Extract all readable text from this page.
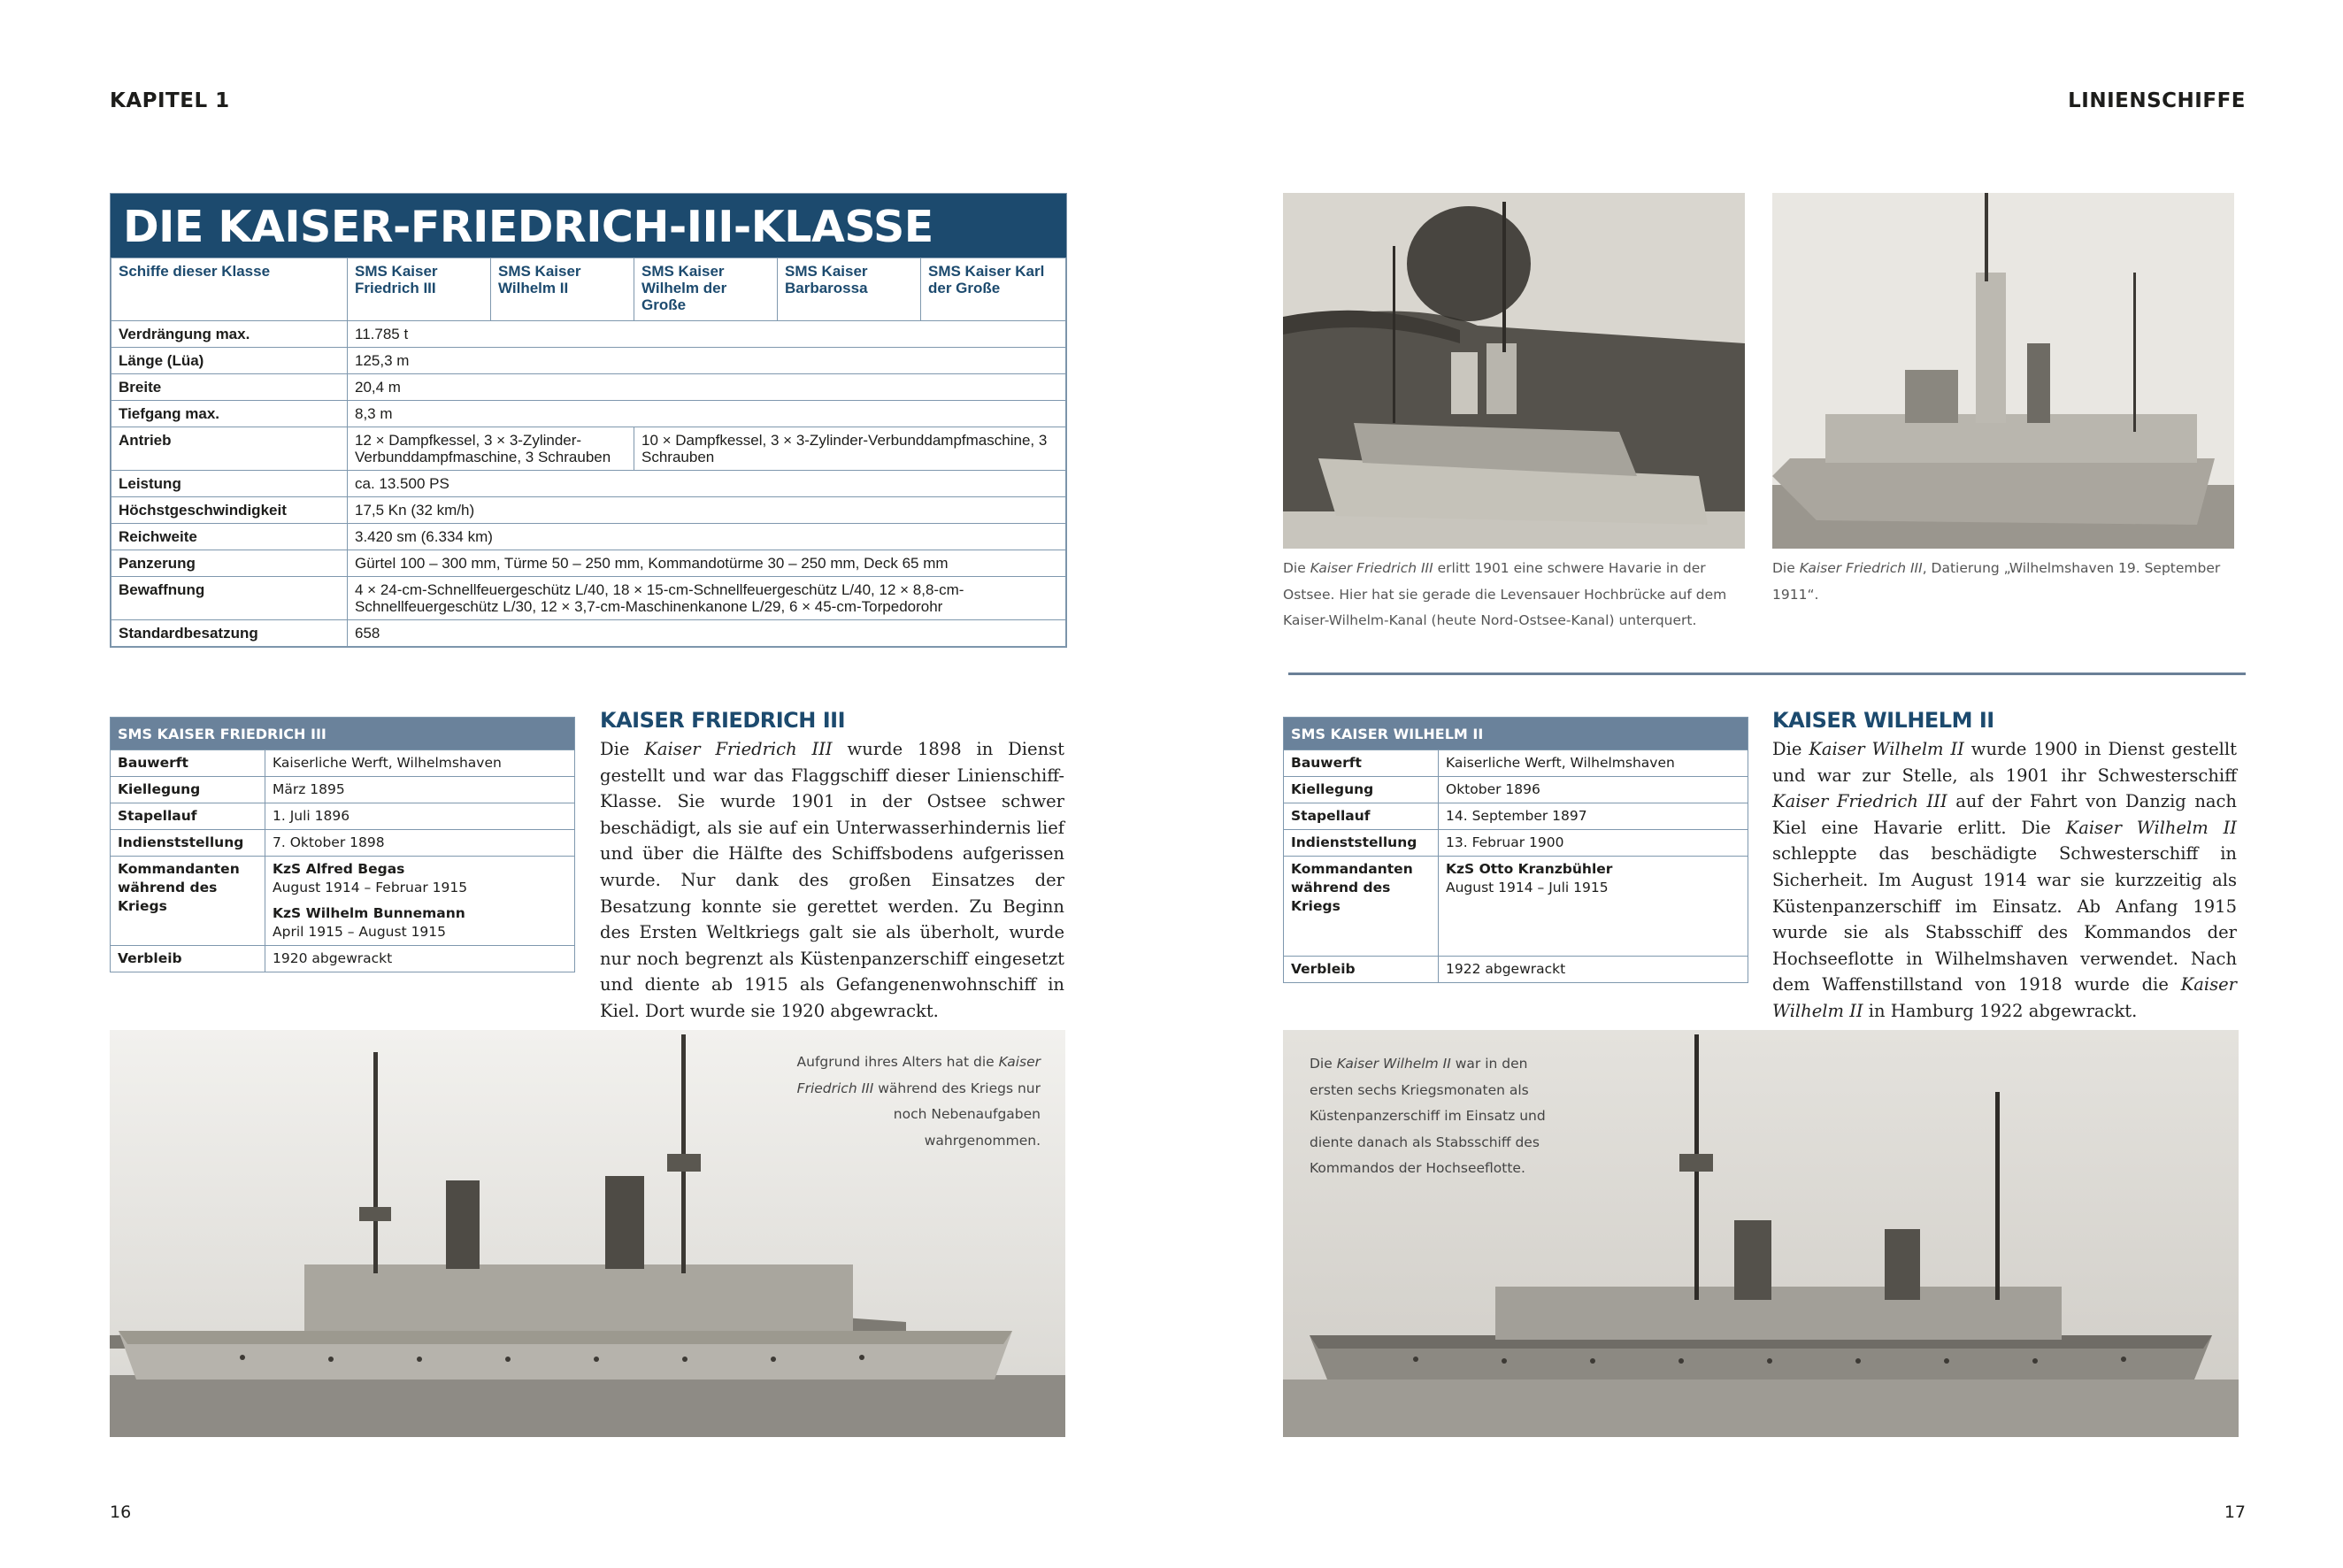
KAPITEL 1	LINIENSCHIFFE
DIE KAISER-FRIEDRICH-III-KLASSE
Schiffe dieser Klasse	SMS Kaiser Friedrich III	SMS Kaiser Wilhelm II	SMS Kaiser Wilhelm der Große	SMS Kaiser Barbarossa	SMS Kaiser Karl der Große
Verdrängung max.	11.785 t				
Länge (Lüa)	125,3 m				
Breite	20,4 m				
Tiefgang max.	8,3 m				
Antrieb	12 × Dampfkessel, 3 × 3-Zylinder-Verbunddampfmaschine, 3 Schrauben		10 × Dampfkessel, 3 × 3-Zylinder-Verbunddampfmaschine, 3 Schrauben		
Leistung	ca. 13.500 PS				
Höchstgeschwindigkeit	17,5 Kn (32 km/h)				
Reichweite	3.420 sm (6.334 km)				
Panzerung	Gürtel 100 – 300 mm, Türme 50 – 250 mm, Kommandotürme 30 – 250 mm, Deck 65 mm				
Bewaffnung	4 × 24-cm-Schnellfeuergeschütz L/40, 18 × 15-cm-Schnellfeuergeschütz L/40, 12 × 8,8-cm-Schnellfeuergeschütz L/30, 12 × 3,7-cm-Maschinenkanone L/29, 6 × 45-cm-Torpedorohr				
Standardbesatzung	658				
SMS KAISER FRIEDRICH III
Bauwerft	Kaiserliche Werft, Wilhelmshaven
Kiellegung	März 1895
Stapellauf	1. Juli 1896
Indienststellung	7. Oktober 1898
Kommandanten während des Kriegs	KzS Alfred Begas
August 1914 – Februar 1915
KzS Wilhelm Bunnemann
April 1915 – August 1915

Verbleib	1920 abgewrackt
KAISER FRIEDRICH III
Die Kaiser Friedrich III wurde 1898 in Dienst gestellt und war das Flaggschiff dieser Linienschiff-Klasse. Sie wurde 1901 in der Ostsee schwer beschädigt, als sie auf ein Unterwasserhindernis lief und über die Hälfte des Schiffsbodens aufgerissen wurde. Nur dank des großen Einsatzes der Besatzung konnte sie gerettet werden. Zu Beginn des Ersten Weltkriegs galt sie als überholt, wurde nur noch begrenzt als Küstenpanzerschiff eingesetzt und diente ab 1915 als Gefangenenwohnschiff in Kiel. Dort wurde sie 1920 abgewrackt.
Aufgrund ihres Alters hat die Kaiser Friedrich III während des Kriegs nur noch Nebenaufgaben wahrgenommen.
16
Die Kaiser Friedrich III erlitt 1901 eine schwere Havarie in der Ostsee. Hier hat sie gerade die Levensauer Hochbrücke auf dem Kaiser-Wilhelm-Kanal (heute Nord-Ostsee-Kanal) unterquert.
Die Kaiser Friedrich III, Datierung „Wilhelmshaven 19. September 1911“.
SMS KAISER WILHELM II
Bauwerft	Kaiserliche Werft, Wilhelmshaven
Kiellegung	Oktober 1896
Stapellauf	14. September 1897
Indienststellung	13. Februar 1900
Kommandanten während des Kriegs	KzS Otto Kranzbühler
August 1914 – Juli 1915

Verbleib	1922 abgewrackt
KAISER WILHELM II
Die Kaiser Wilhelm II wurde 1900 in Dienst gestellt und war zur Stelle, als 1901 ihr Schwesterschiff Kaiser Friedrich III auf der Fahrt von Danzig nach Kiel eine Havarie erlitt. Die Kaiser Wilhelm II schleppte das beschädigte Schwesterschiff in Sicherheit. Im August 1914 war sie kurzzeitig als Küstenpanzerschiff im Einsatz. Ab Anfang 1915 wurde sie als Stabsschiff des Kommandos der Hochseeflotte in Wilhelmshaven verwendet. Nach dem Waffenstillstand von 1918 wurde die Kaiser Wilhelm II in Hamburg 1922 abgewrackt.
Die Kaiser Wilhelm II war in den ersten sechs Kriegsmonaten als Küstenpanzerschiff im Einsatz und diente danach als Stabsschiff des Kommandos der Hochseeflotte.
17
